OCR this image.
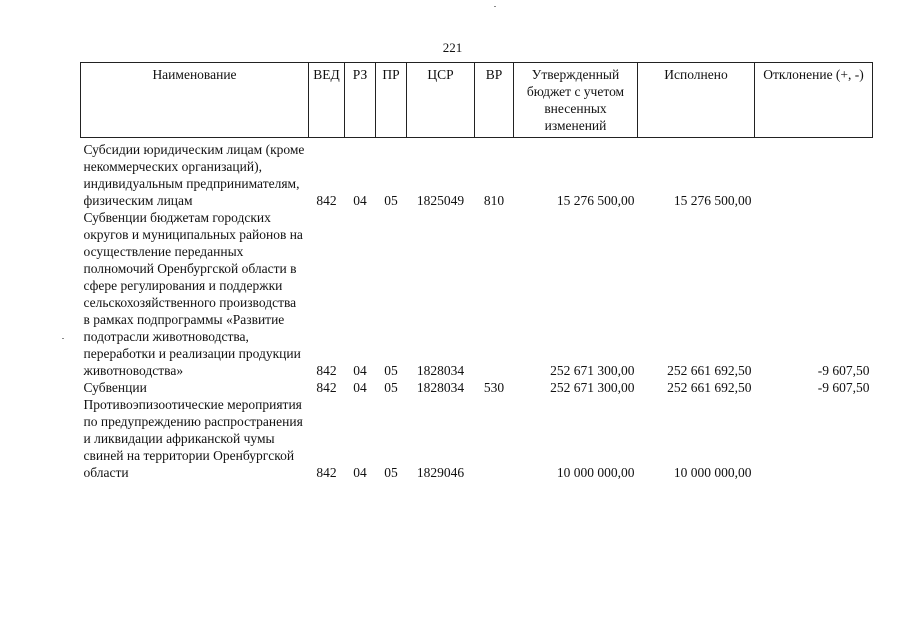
221
Наименование	ВЕД	РЗ	ПР	ЦСР	ВР	Утвержденный бюджет с учетом внесенных изменений	Исполнено	Отклонение (+, -)
Субсидии юридическим лицам (кроме некоммерческих организаций), индивидуальным предпринимателям, физическим лицам	842	04	05	1825049	810	15 276 500,00	15 276 500,00	
Субвенции бюджетам городских округов и муниципальных районов на осуществление переданных полномочий Оренбургской области в сфере регулирования и поддержки сельскохозяйственного производства в рамках подпрограммы «Развитие подотрасли животноводства, переработки и реализации продукции животноводства»	842	04	05	1828034		252 671 300,00	252 661 692,50	-9 607,50
Субвенции	842	04	05	1828034	530	252 671 300,00	252 661 692,50	-9 607,50
Противоэпизоотические мероприятия по предупреждению распространения и ликвидации африканской чумы свиней на территории Оренбургской области	842	04	05	1829046		10 000 000,00	10 000 000,00	
